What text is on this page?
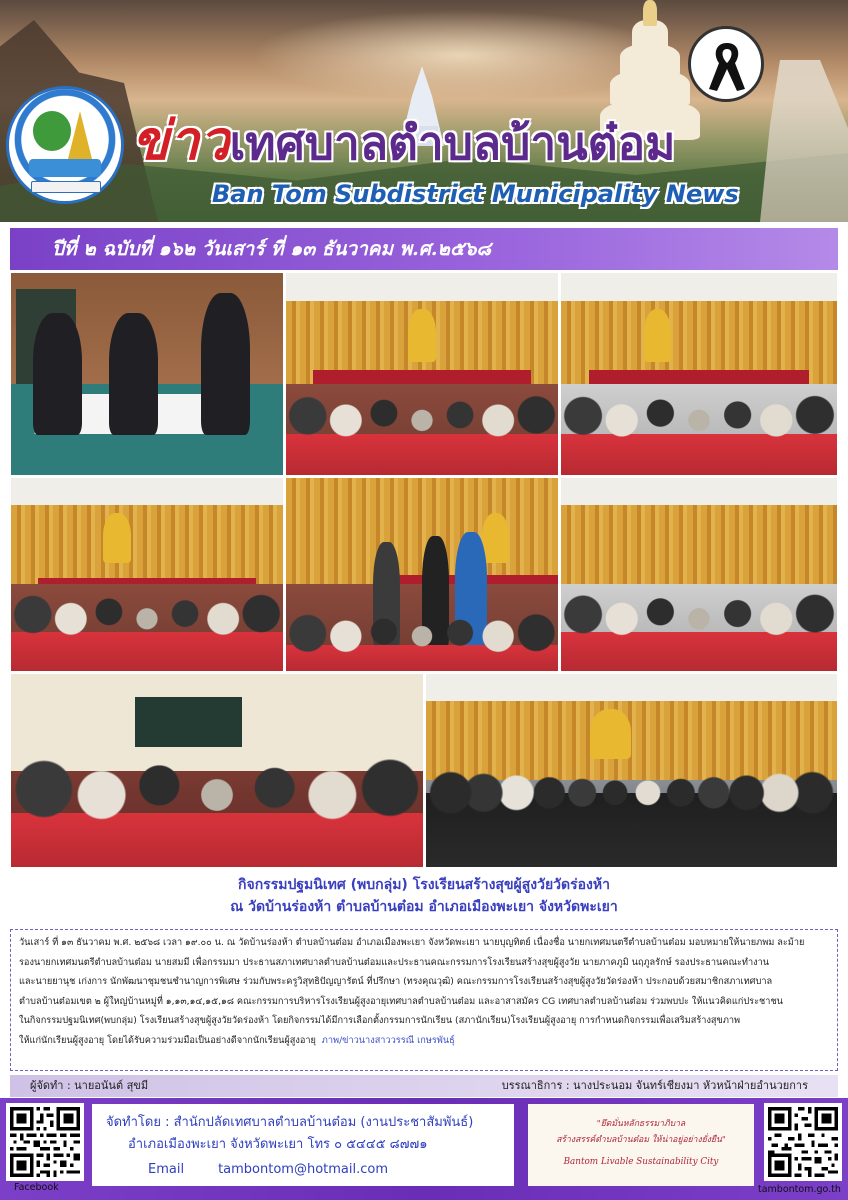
ข่าวเทศบาลตำบลบ้านต๋อม
Ban Tom Subdistrict Municipality News
ปีที่ ๒ ฉบับที่ ๑๖๒ วันเสาร์ ที่ ๑๓ ธันวาคม พ.ศ.๒๕๖๘
กิจกรรมปฐมนิเทศ (พบกลุ่ม) โรงเรียนสร้างสุขผู้สูงวัยวัดร่องห้า
ณ วัดบ้านร่องห้า ตำบลบ้านต๋อม อำเภอเมืองพะเยา จังหวัดพะเยา
วันเสาร์ ที่ ๑๓ ธันวาคม พ.ศ. ๒๕๖๘ เวลา ๑๙.๐๐ น. ณ วัดบ้านร่องห้า ตำบลบ้านต๋อม อำเภอเมืองพะเยา จังหวัดพะเยา นายบุญทิตย์ เนื่องชื่อ นายกเทศมนตรีตำบลบ้านต๋อม มอบหมายให้นายภพม ละม้าย
รองนายกเทศมนตรีตำบลบ้านต๋อม นายสมมี เพื่อกรรมมา ประธานสภาเทศบาลตำบลบ้านต๋อมและประธานคณะกรรมการโรงเรียนสร้างสุขผู้สูงวัย นายภาคภูมิ นฤภูลรักษ์ รองประธานคณะทำงาน
และนายยานุช เก่งการ นักพัฒนาชุมชนชำนาญการพิเศษ ร่วมกับพระครูวิสุทธิปัญญารัตน์ ที่ปรึกษา (ทรงคุณวุฒิ) คณะกรรมการโรงเรียนสร้างสุขผู้สูงวัยวัดร่องห้า ประกอบด้วยสมาชิกสภาเทศบาล
ตำบลบ้านต๋อมเขต ๒ ผู้ใหญ่บ้านหมู่ที่ ๑,๑๓,๑๔,๑๕,๑๘ คณะกรรมการบริหารโรงเรียนผู้สูงอายุเทศบาลตำบลบ้านต๋อม และอาสาสมัคร CG เทศบาลตำบลบ้านต๋อม ร่วมพบปะ ให้แนวคิดแก่ประชาชน
ในกิจกรรมปฐมนิเทศ(พบกลุ่ม) โรงเรียนสร้างสุขผู้สูงวัยวัดร่องห้า โดยกิจกรรมได้มีการเลือกตั้งกรรมการนักเรียน (สภานักเรียน)โรงเรียนผู้สูงอายุ การกำหนดกิจกรรมเพื่อเสริมสร้างสุขภาพ
ให้แก่นักเรียนผู้สูงอายุ โดยได้รับความร่วมมือเป็นอย่างดีจากนักเรียนผู้สูงอายุ ภาพ/ข่าวนางสาววรรณี เกษรพันธุ์
ผู้จัดทำ : นายอนันต์ สุขมี	บรรณาธิการ : นางประนอม จันทร์เชียงมา หัวหน้าฝ่ายอำนวยการ
Facebook
จัดทำโดย : สำนักปลัดเทศบาลตำบลบ้านต๋อม (งานประชาสัมพันธ์)
อำเภอเมืองพะเยา จังหวัดพะเยา โทร ๐ ๕๔๔๕ ๘๗๗๑
Email	tambontom@hotmail.com
"ยึดมั่นหลักธรรมาภิบาล
สร้างสรรค์ตำบลบ้านต๋อม ให้น่าอยู่อย่างยั่งยืน"
Bantom Livable Sustainability City
tambontom.go.th
